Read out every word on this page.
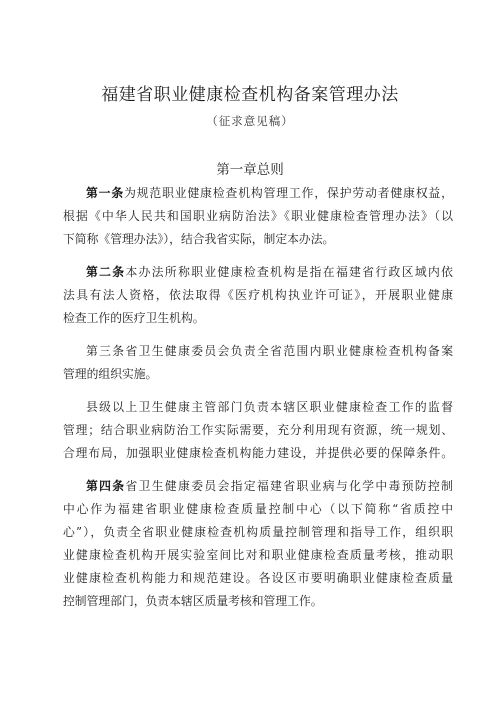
福建省职业健康检查机构备案管理办法
（征求意见稿）
第一章总则
第一条为规范职业健康检查机构管理工作，保护劳动者健康权益，
根据《中华人民共和国职业病防治法》《职业健康检查管理办法》（以
下简称《管理办法》），结合我省实际，制定本办法。
第二条本办法所称职业健康检查机构是指在福建省行政区域内依
法具有法人资格，依法取得《医疗机构执业许可证》，开展职业健康
检查工作的医疗卫生机构。
第三条省卫生健康委员会负责全省范围内职业健康检查机构备案
管理的组织实施。
县级以上卫生健康主管部门负责本辖区职业健康检查工作的监督
管理；结合职业病防治工作实际需要，充分利用现有资源，统一规划、
合理布局，加强职业健康检查机构能力建设，并提供必要的保障条件。
第四条省卫生健康委员会指定福建省职业病与化学中毒预防控制
中心作为福建省职业健康检查质量控制中心（以下简称“省质控中
心”），负责全省职业健康检查机构质量控制管理和指导工作，组织职
业健康检查机构开展实验室间比对和职业健康检查质量考核，推动职
业健康检查机构能力和规范建设。各设区市要明确职业健康检查质量
控制管理部门，负责本辖区质量考核和管理工作。
